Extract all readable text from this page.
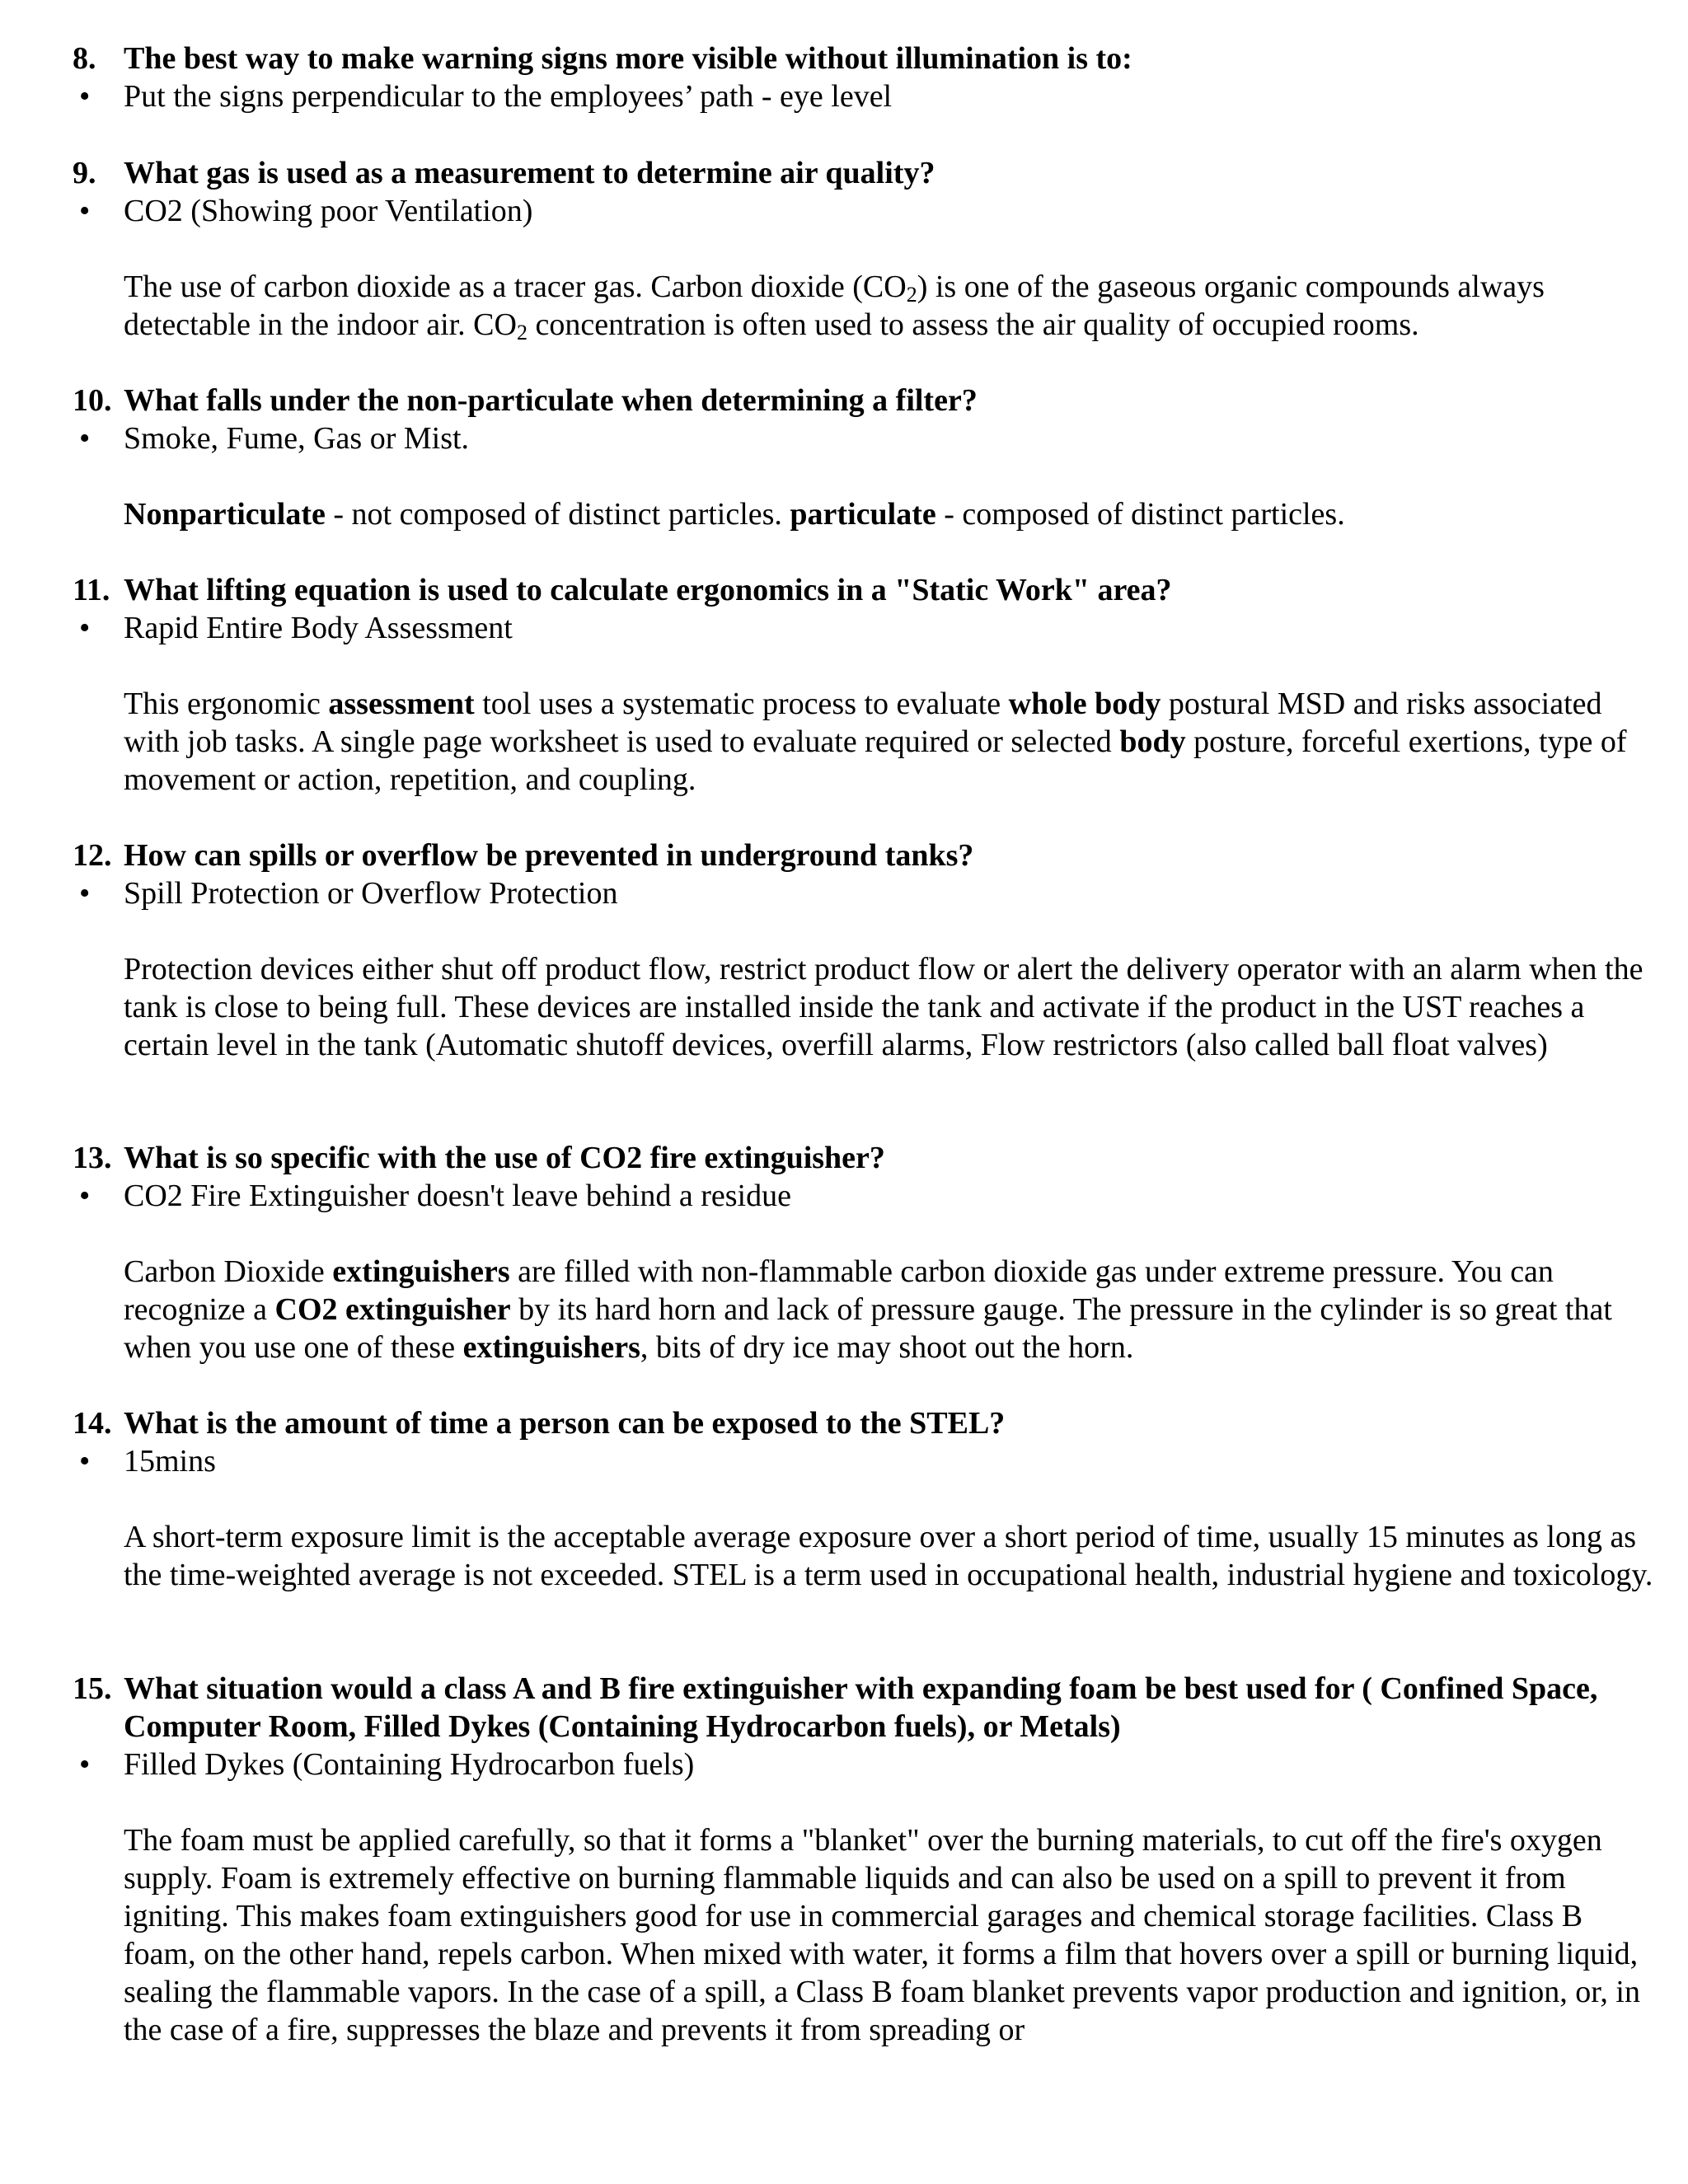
8. The best way to make warning signs more visible without illumination is to:
• Put the signs perpendicular to the employees’ path - eye level
9. What gas is used as a measurement to determine air quality?
• CO2 (Showing poor Ventilation)
The use of carbon dioxide as a tracer gas. Carbon dioxide $(CO_2)$ is one of the gaseous organic compounds always detectable in the indoor air. $CO_2$ concentration is often used to assess the air quality of occupied rooms.
10. What falls under the non-particulate when determining a filter?
• Smoke, Fume, Gas or Mist.
Nonparticulate - not composed of distinct particles. particulate - composed of distinct particles.
11. What lifting equation is used to calculate ergonomics in a "Static Work" area?
• Rapid Entire Body Assessment
This ergonomic assessment tool uses a systematic process to evaluate whole body postural MSD and risks associated with job tasks. A single page worksheet is used to evaluate required or selected body posture, forceful exertions, type of movement or action, repetition, and coupling.
12. How can spills or overflow be prevented in underground tanks?
• Spill Protection or Overflow Protection
Protection devices either shut off product flow, restrict product flow or alert the delivery operator with an alarm when the tank is close to being full. These devices are installed inside the tank and activate if the product in the UST reaches a certain level in the tank (Automatic shutoff devices, overfill alarms, Flow restrictors (also called ball float valves)
13. What is so specific with the use of CO2 fire extinguisher?
• CO2 Fire Extinguisher doesn't leave behind a residue
Carbon Dioxide extinguishers are filled with non-flammable carbon dioxide gas under extreme pressure. You can recognize a CO2 extinguisher by its hard horn and lack of pressure gauge. The pressure in the cylinder is so great that when you use one of these extinguishers, bits of dry ice may shoot out the horn.
14. What is the amount of time a person can be exposed to the STEL?
• 15mins
A short-term exposure limit is the acceptable average exposure over a short period of time, usually 15 minutes as long as the time-weighted average is not exceeded. STEL is a term used in occupational health, industrial hygiene and toxicology.
15. What situation would a class A and B fire extinguisher with expanding foam be best used for ( Confined Space, Computer Room, Filled Dykes (Containing Hydrocarbon fuels), or Metals)
• Filled Dykes (Containing Hydrocarbon fuels)
The foam must be applied carefully, so that it forms a "blanket" over the burning materials, to cut off the fire's oxygen supply. Foam is extremely effective on burning flammable liquids and can also be used on a spill to prevent it from igniting. This makes foam extinguishers good for use in commercial garages and chemical storage facilities. Class B foam, on the other hand, repels carbon. When mixed with water, it forms a film that hovers over a spill or burning liquid, sealing the flammable vapors. In the case of a spill, a Class B foam blanket prevents vapor production and ignition, or, in the case of a fire, suppresses the blaze and prevents it from spreading or
